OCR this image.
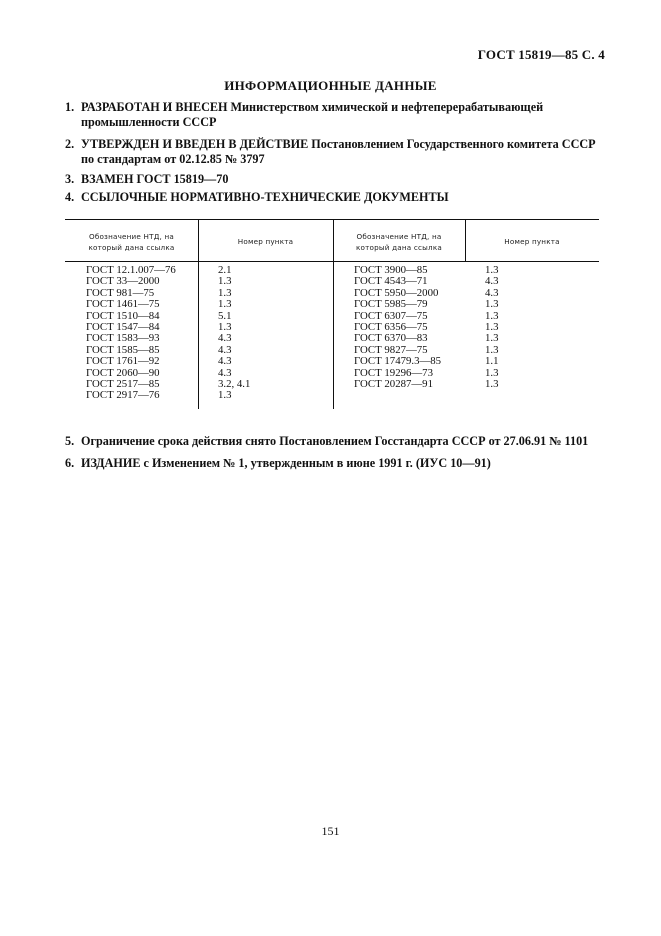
ГОСТ 15819—85 С. 4
ИНФОРМАЦИОННЫЕ ДАННЫЕ
1. РАЗРАБОТАН И ВНЕСЕН Министерством химической и нефтеперерабатывающей промышленности СССР
2. УТВЕРЖДЕН И ВВЕДЕН В ДЕЙСТВИЕ Постановлением Государственного комитета СССР по стандартам от 02.12.85 № 3797
3. ВЗАМЕН ГОСТ 15819—70
4. ССЫЛОЧНЫЕ НОРМАТИВНО-ТЕХНИЧЕСКИЕ ДОКУМЕНТЫ
Обозначение НТД, на
который дана ссылка
Номер пункта
Обозначение НТД, на
который дана ссылка
Номер пункта
ГОСТ 12.1.007—76
ГОСТ 33—2000
ГОСТ 981—75
ГОСТ 1461—75
ГОСТ 1510—84
ГОСТ 1547—84
ГОСТ 1583—93
ГОСТ 1585—85
ГОСТ 1761—92
ГОСТ 2060—90
ГОСТ 2517—85
ГОСТ 2917—76
2.1
1.3
1.3
1.3
5.1
1.3
4.3
4.3
4.3
4.3
3.2, 4.1
1.3
ГОСТ 3900—85
ГОСТ 4543—71
ГОСТ 5950—2000
ГОСТ 5985—79
ГОСТ 6307—75
ГОСТ 6356—75
ГОСТ 6370—83
ГОСТ 9827—75
ГОСТ 17479.3—85
ГОСТ 19296—73
ГОСТ 20287—91
1.3
4.3
4.3
1.3
1.3
1.3
1.3
1.3
1.1
1.3
1.3
5. Ограничение срока действия снято Постановлением Госстандарта СССР от 27.06.91 № 1101
6. ИЗДАНИЕ с Изменением № 1, утвержденным в июне 1991 г. (ИУС 10—91)
151
